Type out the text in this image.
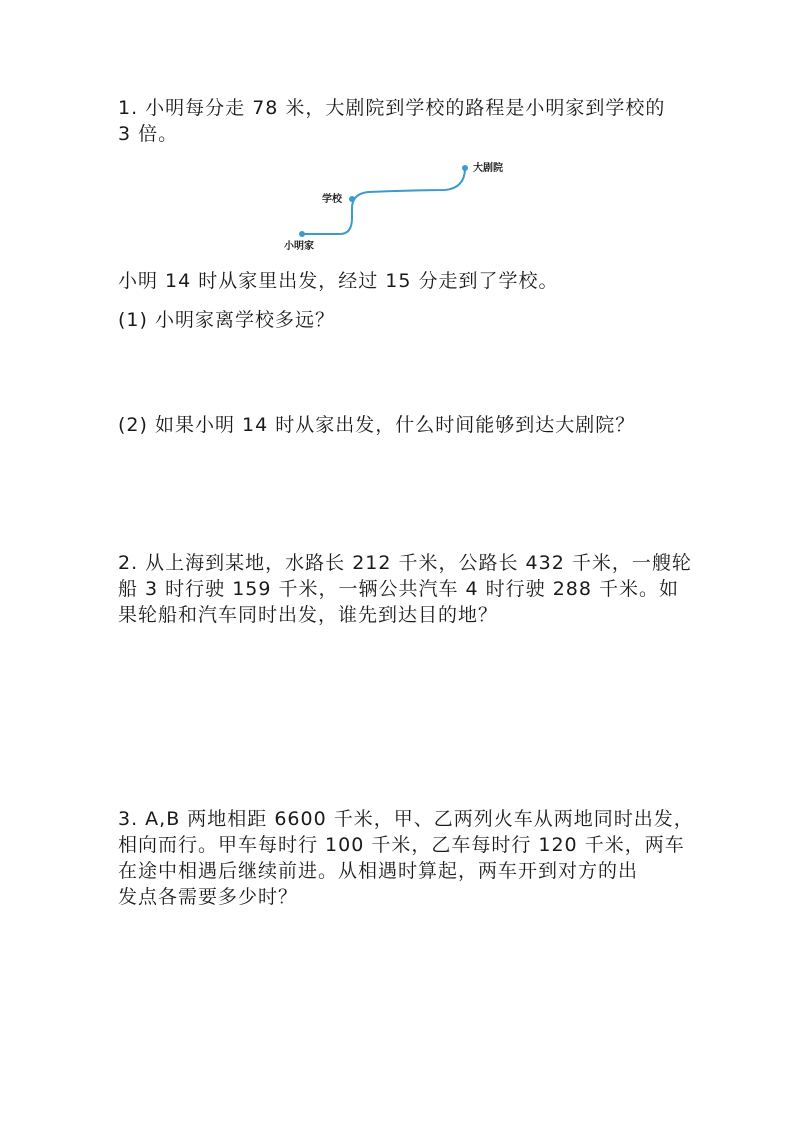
1. 小明每分走 78 米，大剧院到学校的路程是小明家到学校的
3 倍。
大剧院
学校
小明家
小明 14 时从家里出发，经过 15 分走到了学校。
(1) 小明家离学校多远？
(2) 如果小明 14 时从家出发，什么时间能够到达大剧院？
2. 从上海到某地，水路长 212 千米，公路长 432 千米，一艘轮
船 3 时行驶 159 千米，一辆公共汽车 4 时行驶 288 千米。如
果轮船和汽车同时出发，谁先到达目的地？
3. A,B 两地相距 6600 千米，甲、乙两列火车从两地同时出发，
相向而行。甲车每时行 100 千米，乙车每时行 120 千米，两车
在途中相遇后继续前进。从相遇时算起，两车开到对方的出
发点各需要多少时？
